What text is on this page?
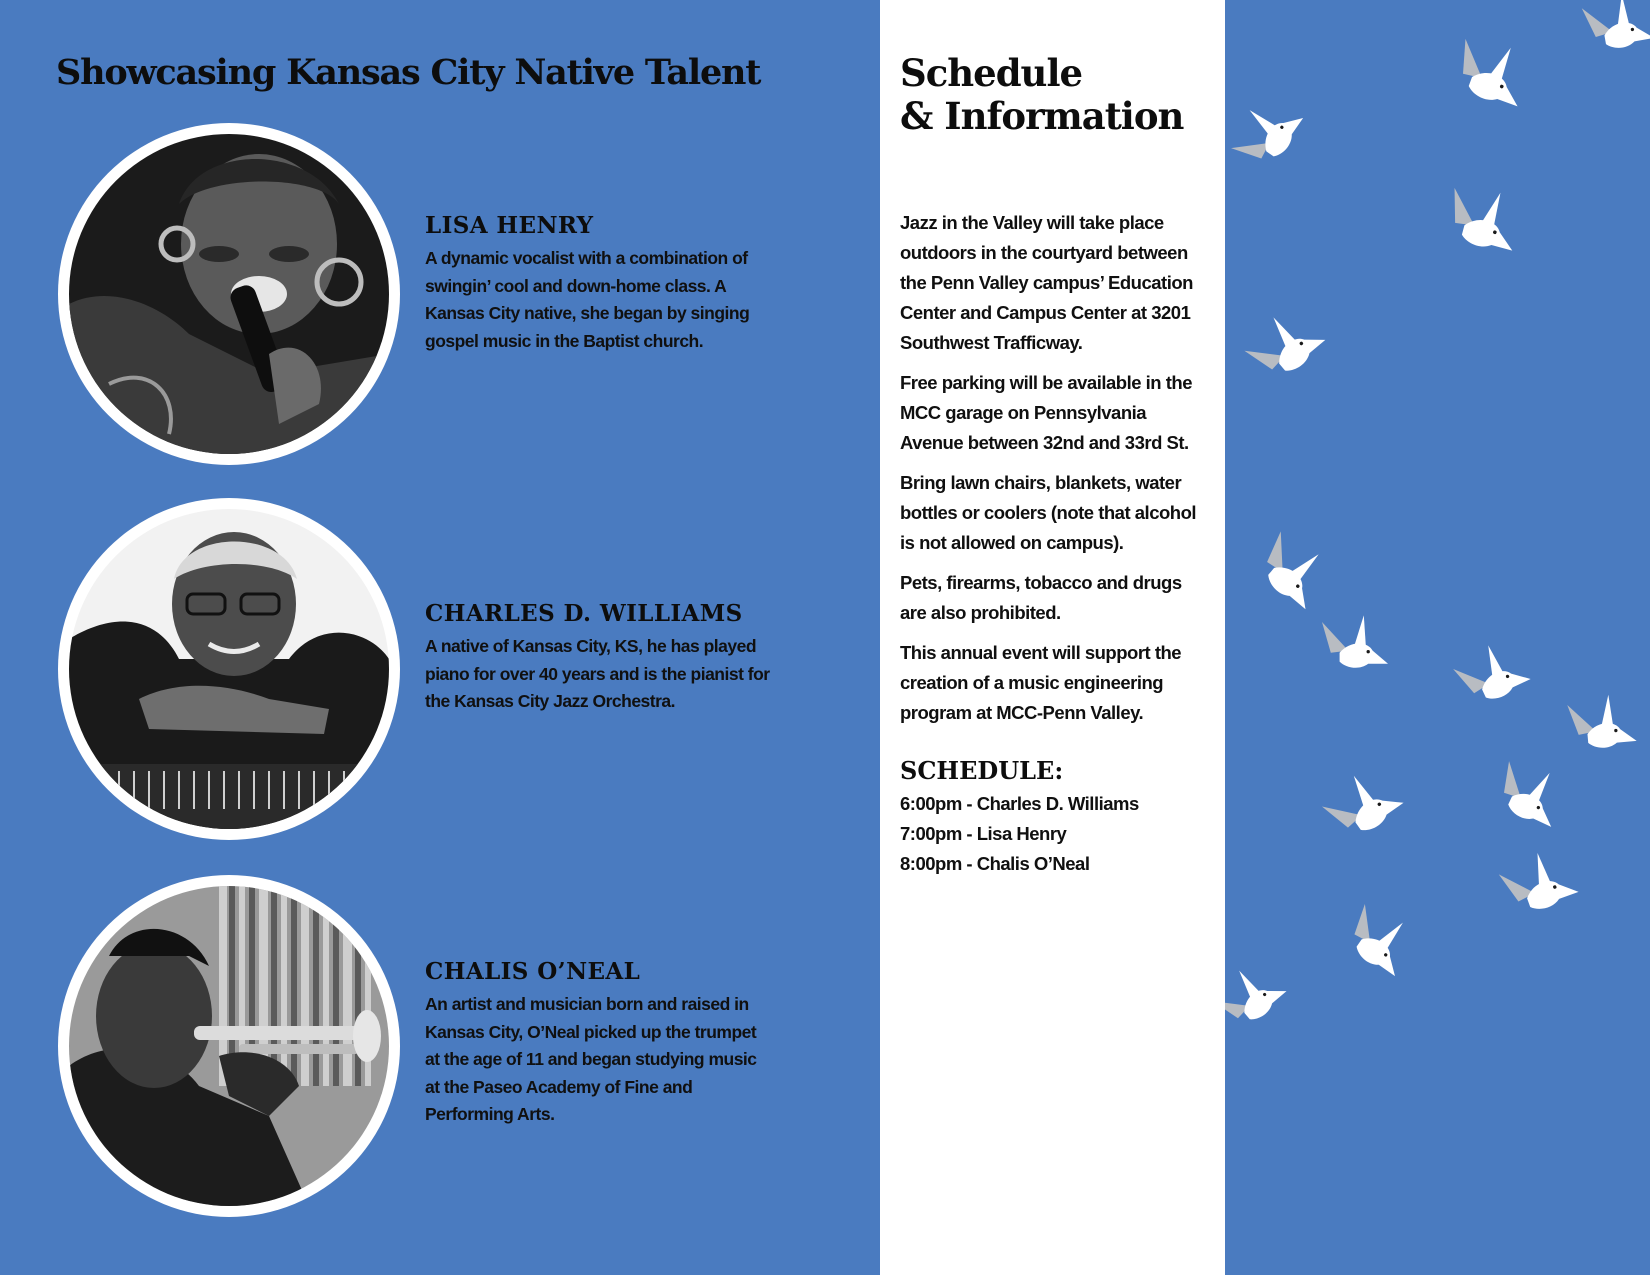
Showcasing Kansas City Native Talent
LISA HENRY
A dynamic vocalist with a combination of swingin’ cool and down-home class. A Kansas City native, she began by singing gospel music in the Baptist church.
CHARLES D. WILLIAMS
A native of Kansas City, KS, he has played piano for over 40 years and is the pianist for the Kansas City Jazz Orchestra.
CHALIS O’NEAL
An artist and musician born and raised in Kansas City, O’Neal picked up the trumpet at the age of 11 and began studying music at the Paseo Academy of Fine and Performing Arts.
Schedule
& Information

Jazz in the Valley will take place outdoors in the courtyard between the Penn Valley campus’ Education Center and Campus Center at 3201 Southwest Trafficway.

Free parking will be available in the MCC garage on Pennsylvania Avenue between 32nd and 33rd St.

Bring lawn chairs, blankets, water bottles or coolers (note that alcohol is not allowed on campus).

Pets, firearms, tobacco and drugs are also prohibited.

This annual event will support the creation of a music engineering program at MCC-Penn Valley.

SCHEDULE:
6:00pm - Charles D. Williams
7:00pm - Lisa Henry
8:00pm - Chalis O’Neal
